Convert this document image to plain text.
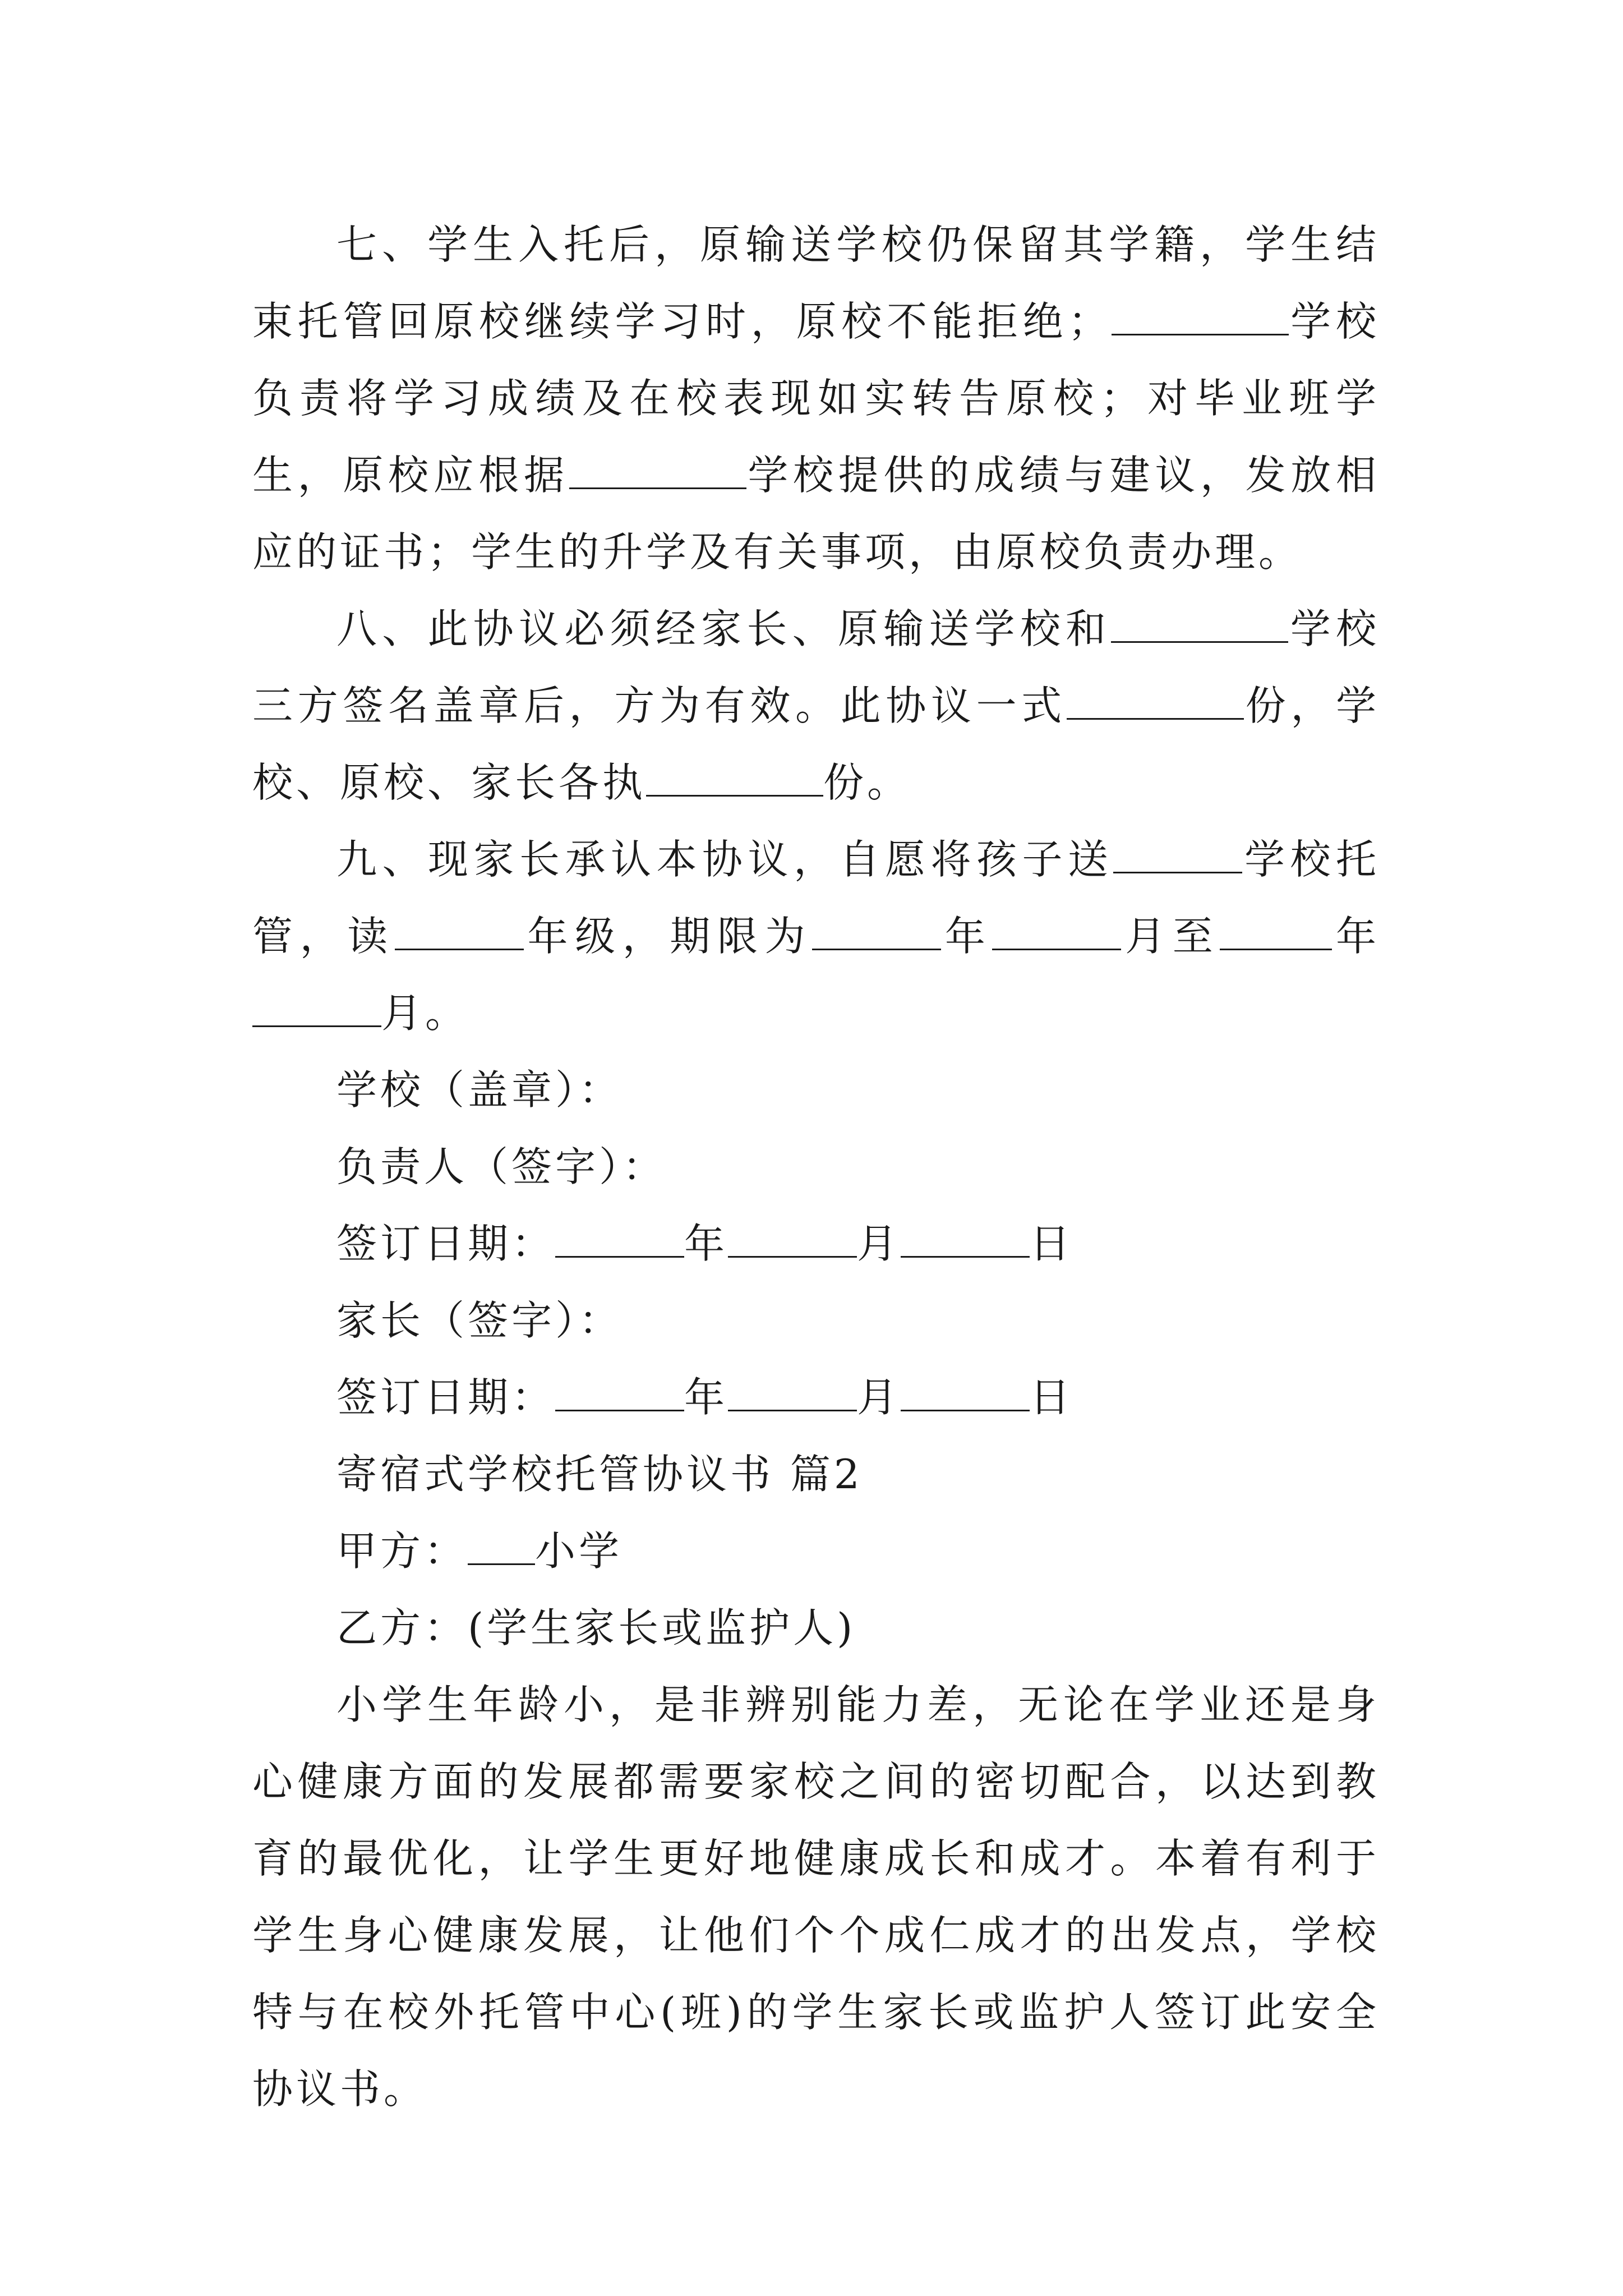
七、学生入托后，原输送学校仍保留其学籍，学生结束托管回原校继续学习时，原校不能拒绝；	学校负责将学习成绩及在校表现如实转告原校；对毕业班学生，原校应根据	学校提供的成绩与建议，发放相应的证书；学生的升学及有关事项，由原校负责办理。

八、此协议必须经家长、原输送学校和	学校三方签名盖章后，方为有效。此协议一式	份，学校、原校、家长各执	份。

九、现家长承认本协议，自愿将孩子送	学校托管，读	年级，期限为	年	月至	年月。

学校（盖章）：

负责人（签字）：

签订日期：	年	月	日

家长（签字）：

签订日期：	年	月	日

寄宿式学校托管协议书 篇2

甲方： 小学

乙方：(学生家长或监护人)

小学生年龄小，是非辨别能力差，无论在学业还是身心健康方面的发展都需要家校之间的密切配合，以达到教育的最优化，让学生更好地健康成长和成才。本着有利于学生身心健康发展，让他们个个成仁成才的出发点，学校特与在校外托管中心(班)的学生家长或监护人签订此安全协议书。
